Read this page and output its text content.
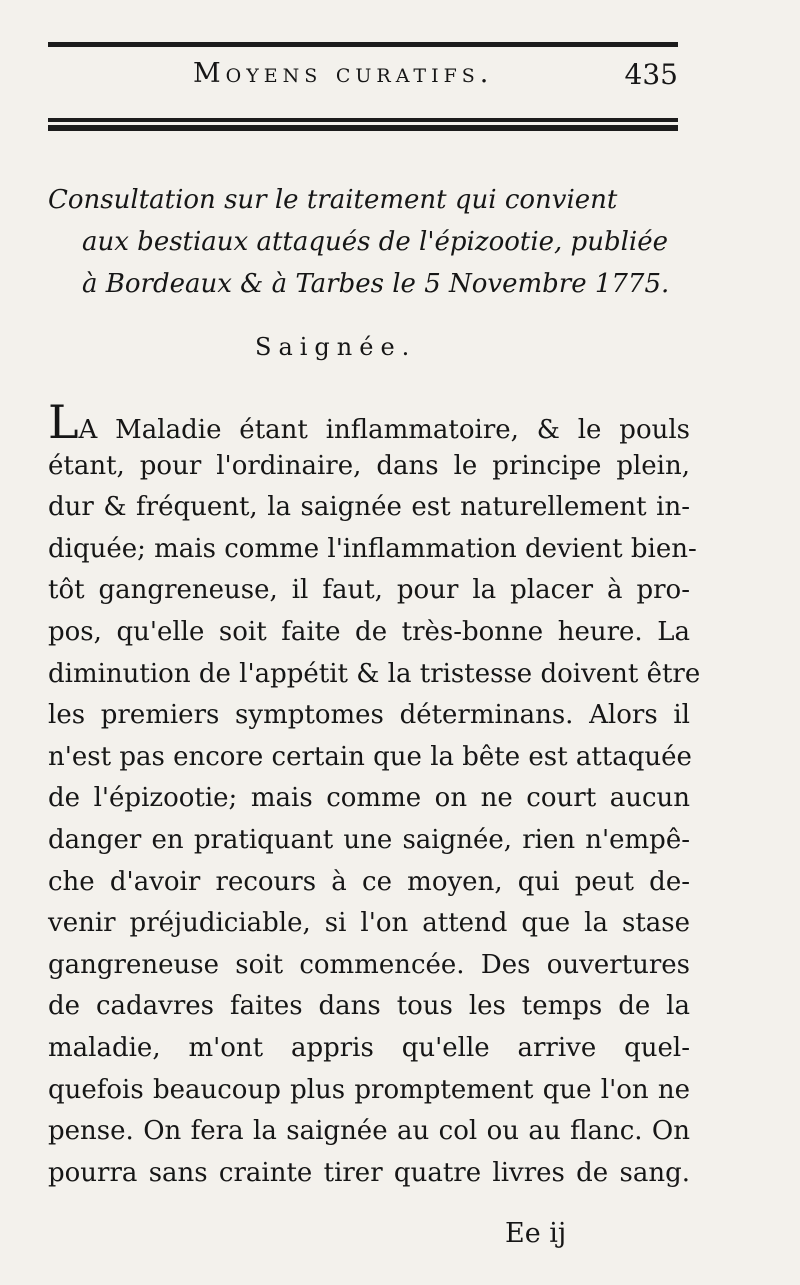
Moyens curatifs.	435
Consultation sur le traitement qui convient
aux bestiaux attaqués de l'épizootie, publiée
à Bordeaux & à Tarbes le 5 Novembre 1775.
Saignée.
LA Maladie étant inflammatoire, & le pouls
étant, pour l'ordinaire, dans le principe plein,
dur & fréquent, la saignée est naturellement in-
diquée; mais comme l'inflammation devient bien-
tôt gangreneuse, il faut, pour la placer à pro-
pos, qu'elle soit faite de très-bonne heure. La
diminution de l'appétit & la tristesse doivent être
les premiers symptomes déterminans. Alors il
n'est pas encore certain que la bête est attaquée
de l'épizootie; mais comme on ne court aucun
danger en pratiquant une saignée, rien n'empê-
che d'avoir recours à ce moyen, qui peut de-
venir préjudiciable, si l'on attend que la stase
gangreneuse soit commencée. Des ouvertures
de cadavres faites dans tous les temps de la
maladie, m'ont appris qu'elle arrive quel-
quefois beaucoup plus promptement que l'on ne
pense. On fera la saignée au col ou au flanc. On
pourra sans crainte tirer quatre livres de sang.
Ee ij
